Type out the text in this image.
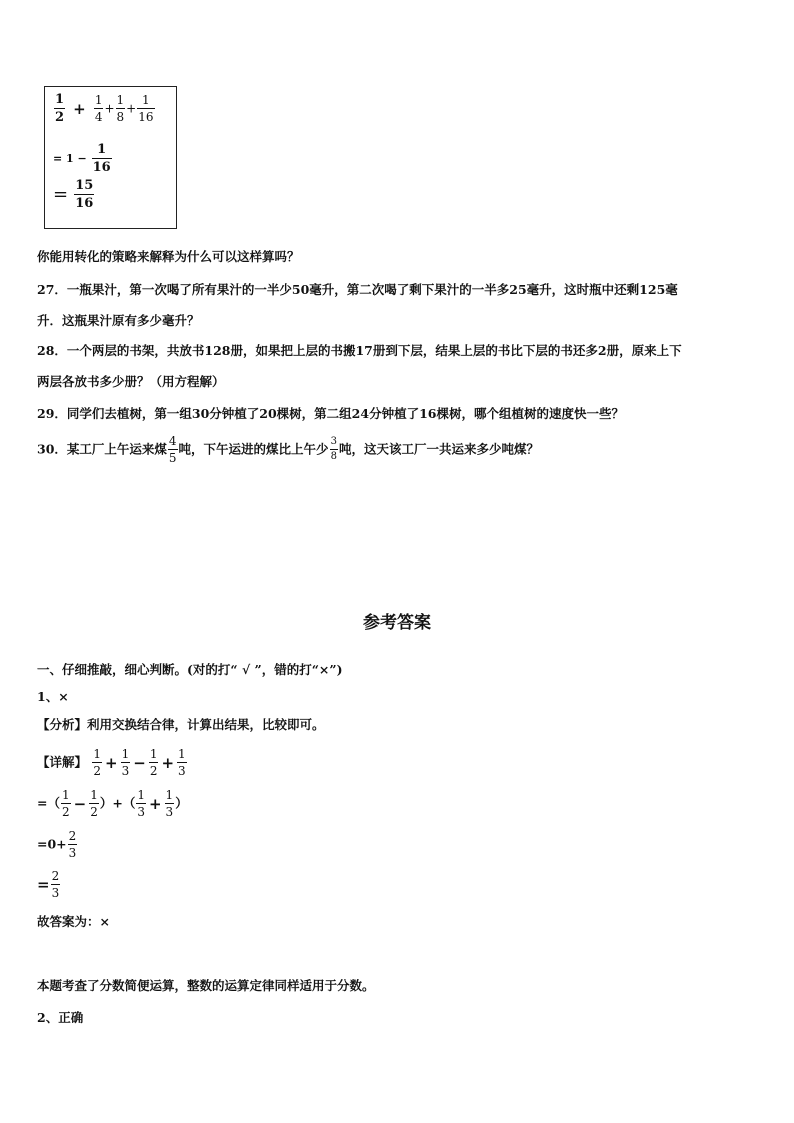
$\frac{1}{2} + \frac{1}{4} + \frac{1}{8} + \frac{1}{16}$
= $1 - \frac{1}{16}$
= $\frac{15}{16}$
你能用转化的策略来解释为什么可以这样算吗？
27．一瓶果汁，第一次喝了所有果汁的一半少50毫升，第二次喝了剩下果汁的一半多25毫升，这时瓶中还剩125毫
升．这瓶果汁原有多少毫升？
28．一个两层的书架，共放书128册，如果把上层的书搬17册到下层，结果上层的书比下层的书还多2册，原来上下
两层各放书多少册？（用方程解）
29．同学们去植树，第一组30分钟植了20棵树，第二组24分钟植了16棵树，哪个组植树的速度快一些？
30．某工厂上午运来煤 $\frac{4}{5}$ 吨，下午运进的煤比上午少 $\frac{3}{8}$ 吨，这天该工厂一共运来多少吨煤？
参考答案
一、仔细推敲，细心判断。(对的打“ √ ”，错的打“×”)
1、×
【分析】利用交换结合律，计算出结果，比较即可。
【详解】 $\frac{1}{2} + \frac{1}{3} - \frac{1}{2} + \frac{1}{3}$
=（ $\frac{1}{2} - \frac{1}{2}$ ）+（ $\frac{1}{3} + \frac{1}{3}$ ）
$=0+ \frac{2}{3}$
= $\frac{2}{3}$
故答案为：×
本题考查了分数简便运算，整数的运算定律同样适用于分数。
2、正确
